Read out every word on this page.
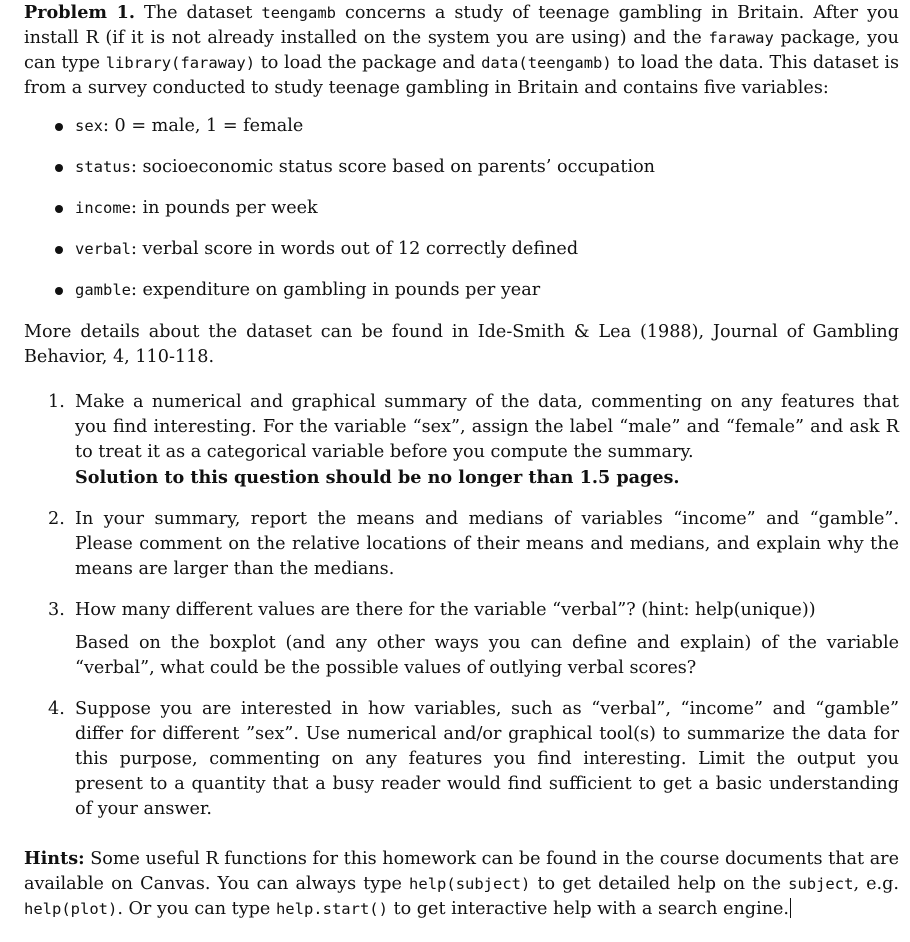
Problem 1. The dataset teengamb concerns a study of teenage gambling in Britain. After you install R (if it is not already installed on the system you are using) and the faraway package, you can type library(faraway) to load the package and data(teengamb) to load the data. This dataset is from a survey conducted to study teenage gambling in Britain and contains five variables:

sex: 0 = male, 1 = female
status: socioeconomic status score based on parents’ occupation
income: in pounds per week
verbal: verbal score in words out of 12 correctly defined
gamble: expenditure on gambling in pounds per year

More details about the dataset can be found in Ide-Smith & Lea (1988), Journal of Gambling Behavior, 4, 110-118.

1. Make a numerical and graphical summary of the data, commenting on any features that you find interesting. For the variable “sex”, assign the label “male” and “female” and ask R to treat it as a categorical variable before you compute the summary.

Solution to this question should be no longer than 1.5 pages.

2. In your summary, report the means and medians of variables “income” and “gamble”. Please comment on the relative locations of their means and medians, and explain why the means are larger than the medians.

3. How many different values are there for the variable “verbal”? (hint: help(unique))

Based on the boxplot (and any other ways you can define and explain) of the variable “verbal”, what could be the possible values of outlying verbal scores?

4. Suppose you are interested in how variables, such as “verbal”, “income” and “gamble” differ for different ”sex”. Use numerical and/or graphical tool(s) to summarize the data for this purpose, commenting on any features you find interesting. Limit the output you present to a quantity that a busy reader would find sufficient to get a basic understanding of your answer.

Hints: Some useful R functions for this homework can be found in the course documents that are available on Canvas. You can always type help(subject) to get detailed help on the subject, e.g. help(plot). Or you can type help.start() to get interactive help with a search engine.
